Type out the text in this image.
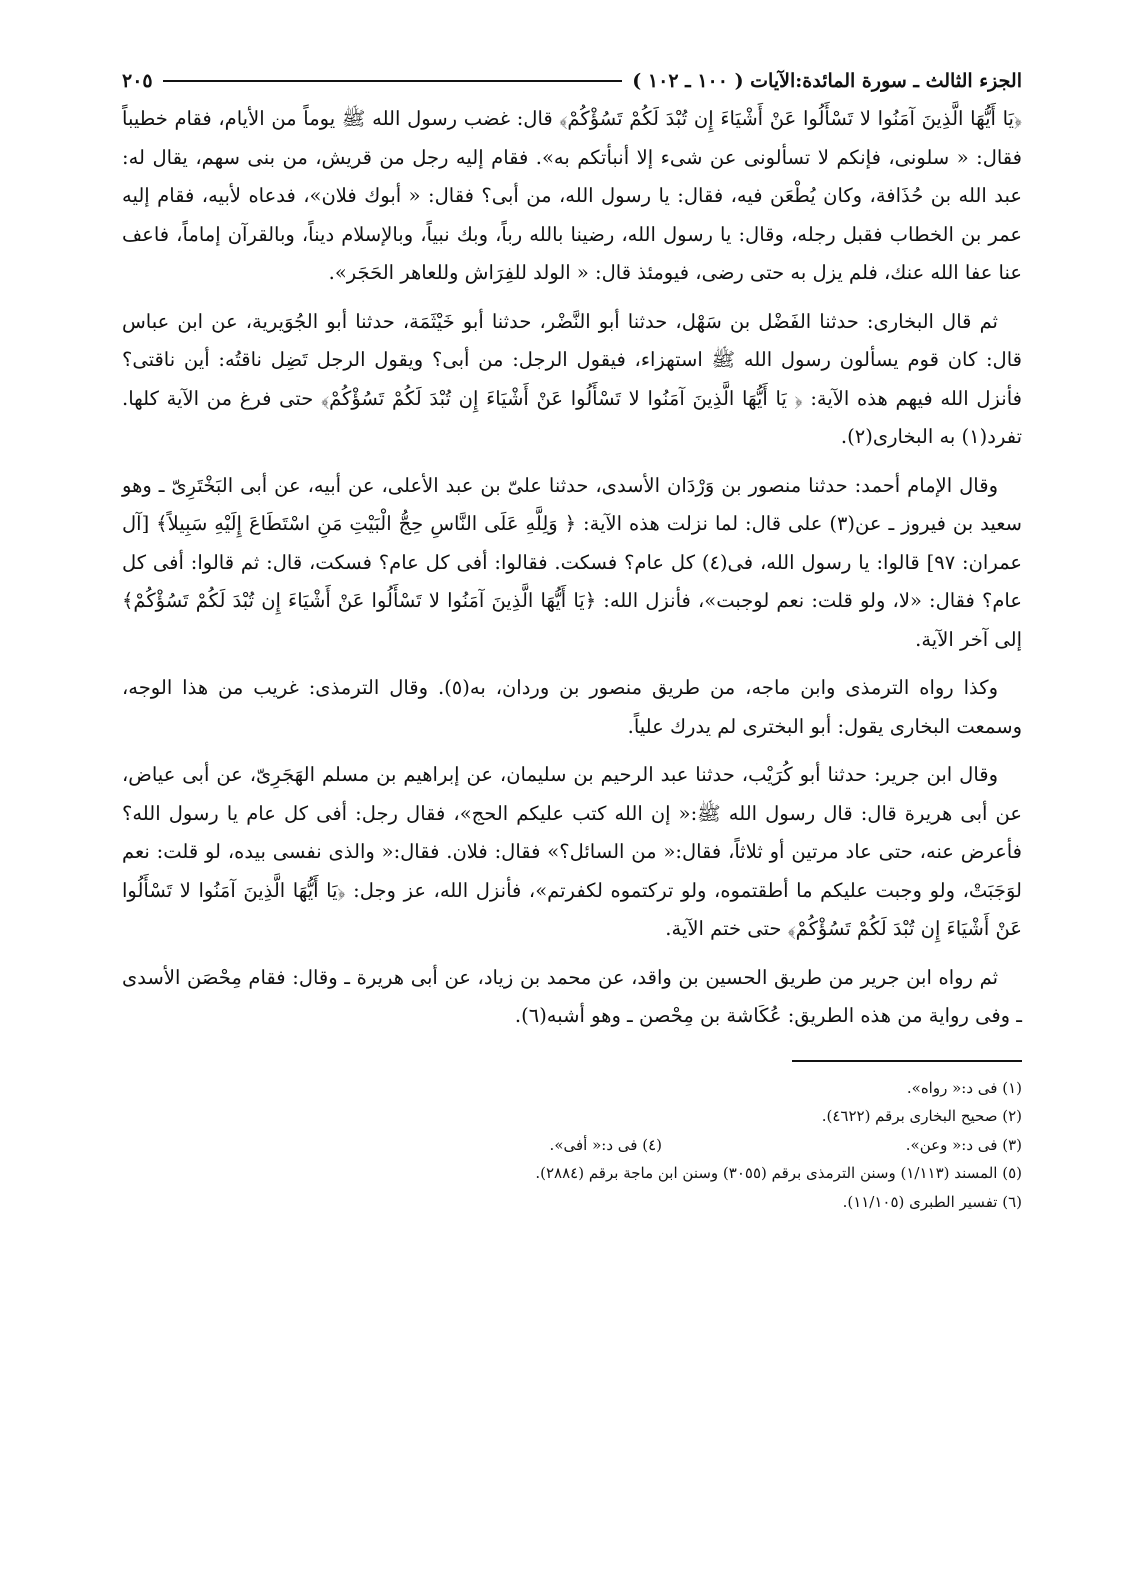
الجزء الثالث ـ سورة المائدة:الآيات ( ١٠٠ ـ ١٠٢ )
٢٠٥

﴿يَا أَيُّهَا الَّذِينَ آمَنُوا لا تَسْأَلُوا عَنْ أَشْيَاءَ إِن تُبْدَ لَكُمْ تَسُؤْكُمْ﴾ قال: غضب رسول الله ﷺ يوماً من الأيام، فقام خطيباً فقال: « سلونى، فإنكم لا تسألونى عن شىء إلا أنبأتكم به». فقام إليه رجل من قريش، من بنى سهم، يقال له: عبد الله بن حُذَافة، وكان يُطْعَن فيه، فقال: يا رسول الله، من أبى؟ فقال: « أبوك فلان»، فدعاه لأبيه، فقام إليه عمر بن الخطاب فقبل رجله، وقال: يا رسول الله، رضينا بالله رباً، وبك نبياً، وبالإسلام ديناً، وبالقرآن إماماً، فاعف عنا عفا الله عنك، فلم يزل به حتى رضى، فيومئذ قال: « الولد للفِرَاش وللعاهر الحَجَر».

ثم قال البخارى: حدثنا الفَضْل بن سَهْل، حدثنا أبو النَّضْر، حدثنا أبو خَيْثَمَة، حدثنا أبو الجُوَيرية، عن ابن عباس قال: كان قوم يسألون رسول الله ﷺ استهزاء، فيقول الرجل: من أبى؟ ويقول الرجل تَضِل ناقتُه: أين ناقتى؟ فأنزل الله فيهم هذه الآية: ﴿ يَا أَيُّهَا الَّذِينَ آمَنُوا لا تَسْأَلُوا عَنْ أَشْيَاءَ إِن تُبْدَ لَكُمْ تَسُؤْكُمْ﴾ حتى فرغ من الآية كلها. تفرد(١) به البخارى(٢).

وقال الإمام أحمد: حدثنا منصور بن وَرْدَان الأسدى، حدثنا علىّ بن عبد الأعلى، عن أبيه، عن أبى البَخْتَرِىّ ـ وهو سعيد بن فيروز ـ عن(٣) على قال: لما نزلت هذه الآية: ﴿ وَلِلَّهِ عَلَى النَّاسِ حِجُّ الْبَيْتِ مَنِ اسْتَطَاعَ إِلَيْهِ سَبِيلاً﴾ [آل عمران: ٩٧] قالوا: يا رسول الله، فى(٤) كل عام؟ فسكت. فقالوا: أفى كل عام؟ فسكت، قال: ثم قالوا: أفى كل عام؟ فقال: «لا، ولو قلت: نعم لوجبت»، فأنزل الله: ﴿يَا أَيُّهَا الَّذِينَ آمَنُوا لا تَسْأَلُوا عَنْ أَشْيَاءَ إِن تُبْدَ لَكُمْ تَسُؤْكُمْ﴾ إلى آخر الآية.

وكذا رواه الترمذى وابن ماجه، من طريق منصور بن وردان، به(٥). وقال الترمذى: غريب من هذا الوجه، وسمعت البخارى يقول: أبو البخترى لم يدرك علياً.

وقال ابن جرير: حدثنا أبو كُرَيْب، حدثنا عبد الرحيم بن سليمان، عن إبراهيم بن مسلم الهَجَرِىّ، عن أبى عياض، عن أبى هريرة قال: قال رسول الله ﷺ:« إن الله كتب عليكم الحج»، فقال رجل: أفى كل عام يا رسول الله؟ فأعرض عنه، حتى عاد مرتين أو ثلاثاً، فقال:« من السائل؟» فقال: فلان. فقال:« والذى نفسى بيده، لو قلت: نعم لوَجَبَتْ، ولو وجبت عليكم ما أطقتموه، ولو تركتموه لكفرتم»، فأنزل الله، عز وجل: ﴿يَا أَيُّهَا الَّذِينَ آمَنُوا لا تَسْأَلُوا عَنْ أَشْيَاءَ إِن تُبْدَ لَكُمْ تَسُؤْكُمْ﴾ حتى ختم الآية.

ثم رواه ابن جرير من طريق الحسين بن واقد، عن محمد بن زياد، عن أبى هريرة ـ وقال: فقام مِحْصَن الأسدى ـ وفى رواية من هذه الطريق: عُكَاشة بن مِحْصن ـ وهو أشبه(٦).

(١) فى د:« رواه».

(٢) صحيح البخارى برقم (٤٦٢٢).

(٣) فى د:« وعن».
(٤) فى د:« أفى».

(٥) المسند (١/١١٣) وسنن الترمذى برقم (٣٠٥٥) وسنن ابن ماجة برقم (٢٨٨٤).

(٦) تفسير الطبرى (١١/١٠٥).
